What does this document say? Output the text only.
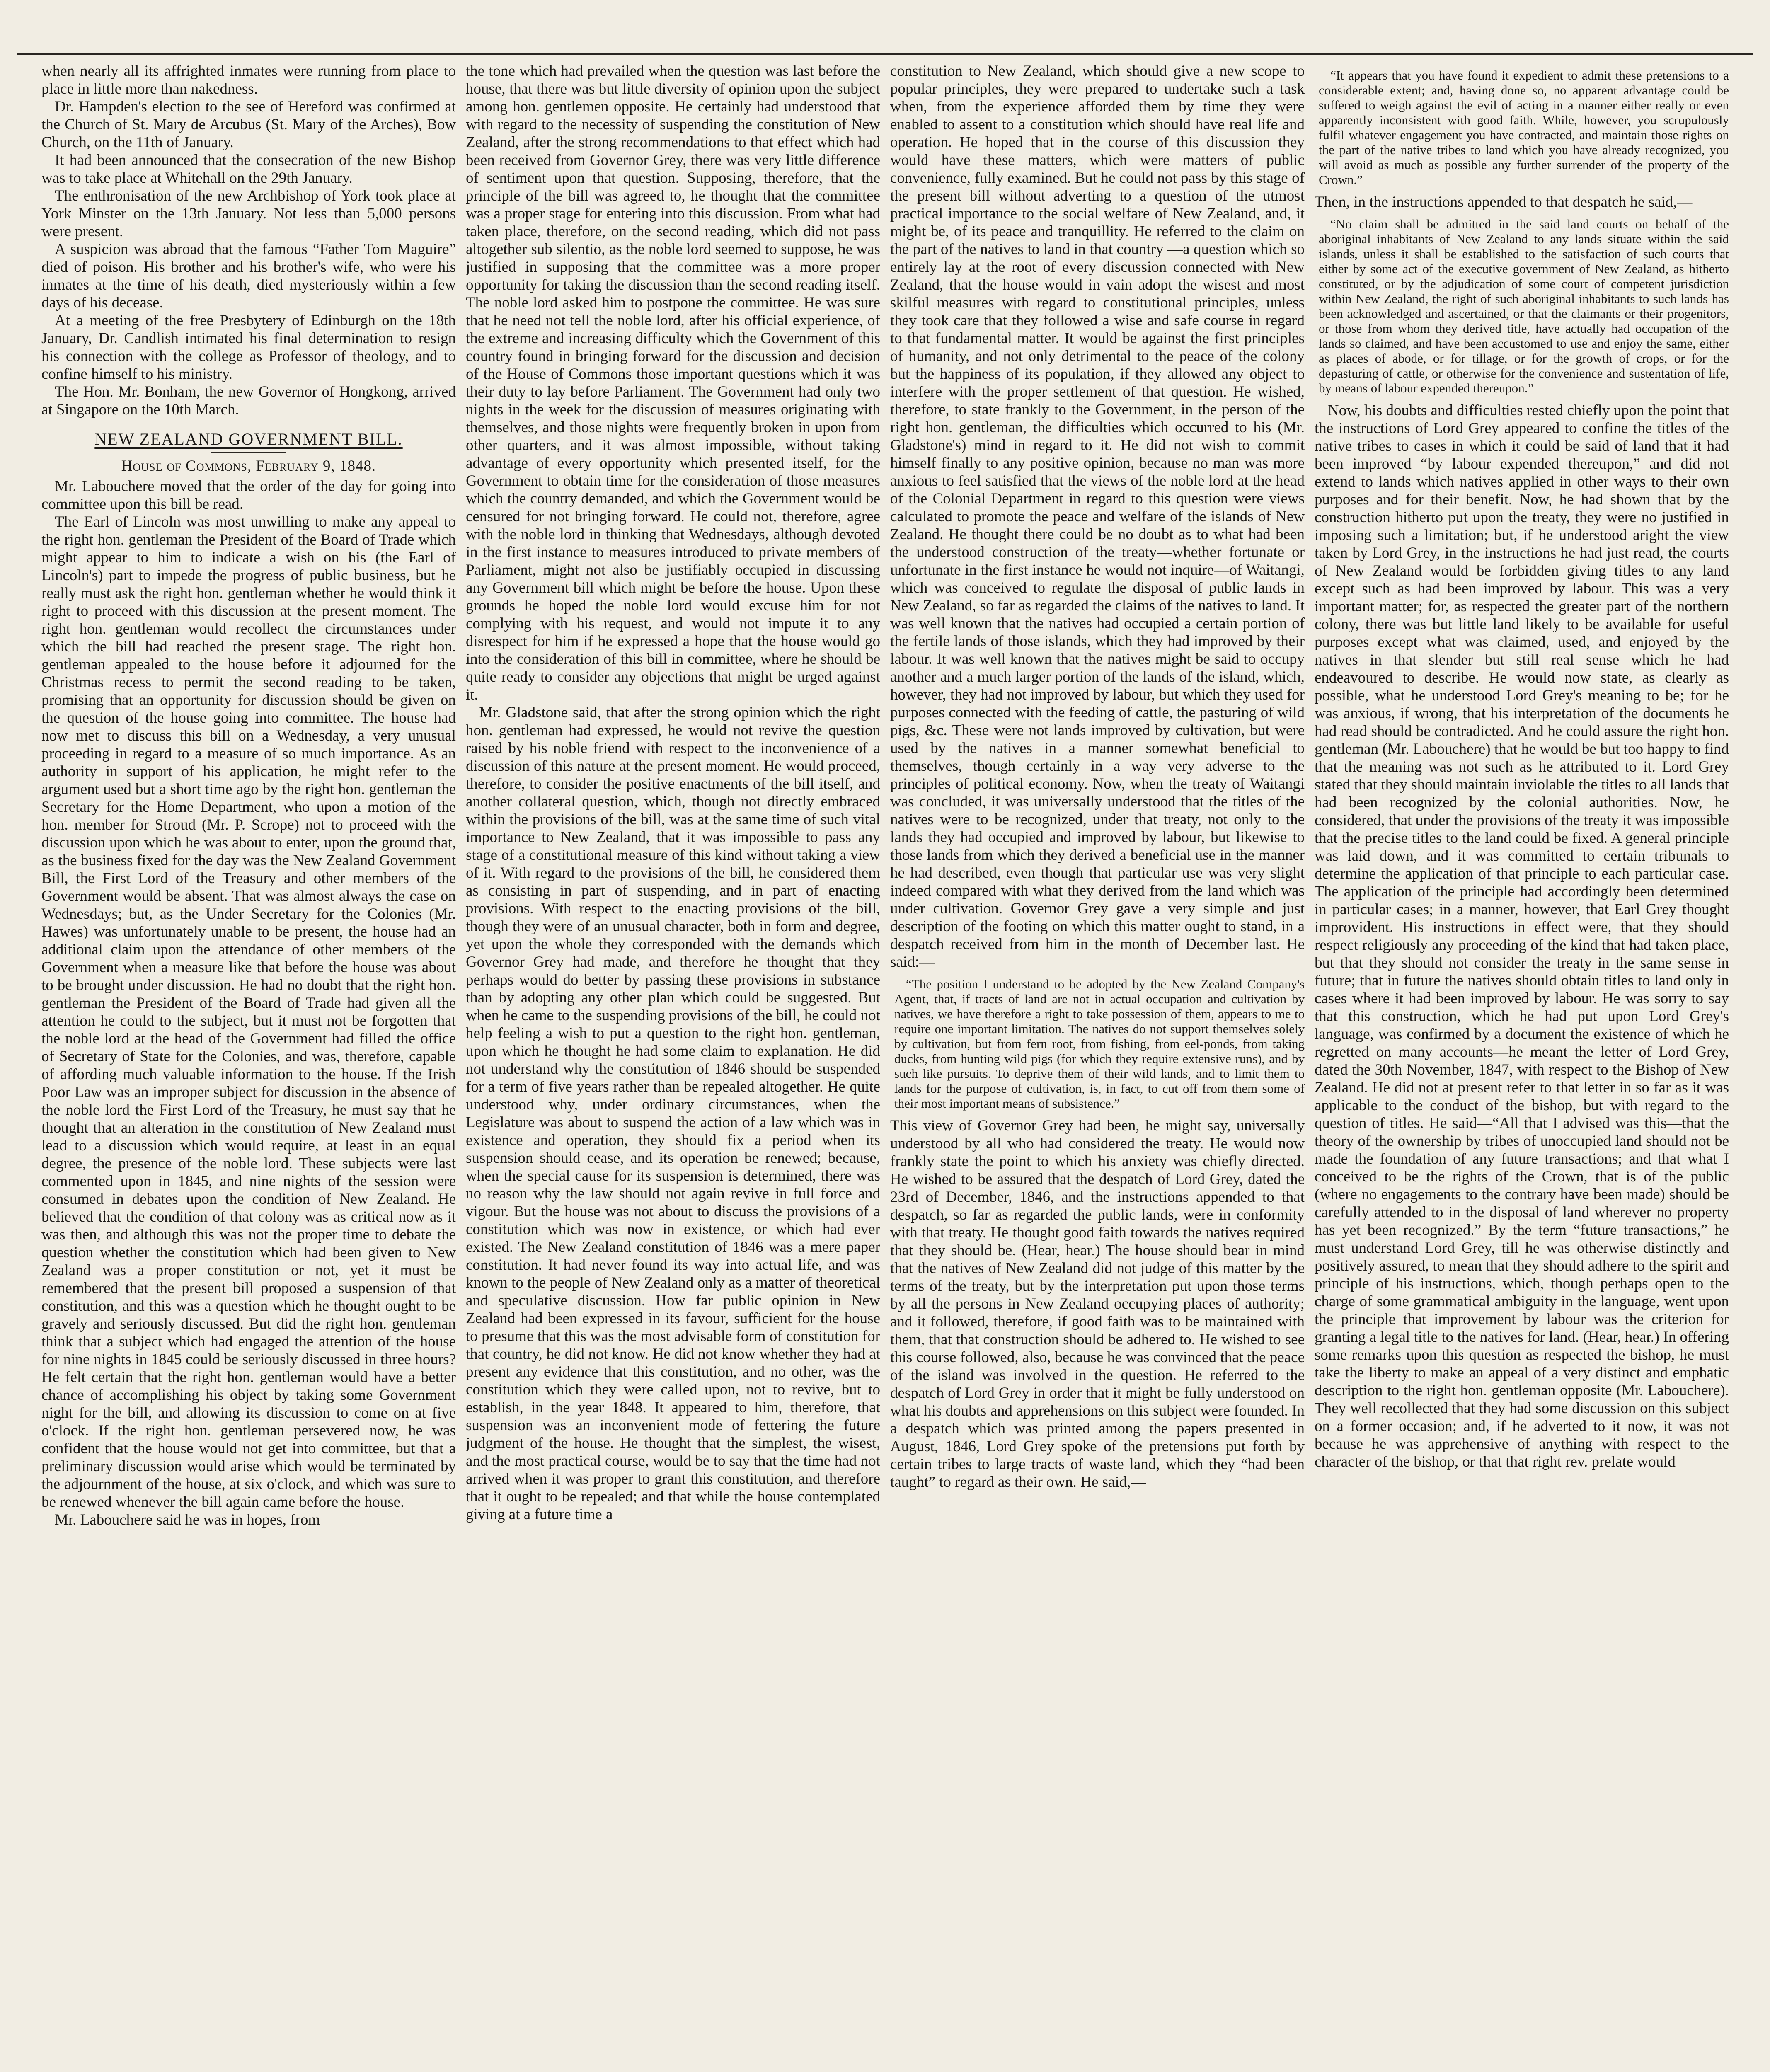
when nearly all its affrighted inmates were running from place to place in little more than nakedness.

Dr. Hampden's election to the see of Hereford was confirmed at the Church of St. Mary de Arcubus (St. Mary of the Arches), Bow Church, on the 11th of January.

It had been announced that the consecration of the new Bishop was to take place at Whitehall on the 29th January.

The enthronisation of the new Archbishop of York took place at York Minster on the 13th January. Not less than 5,000 persons were present.

A suspicion was abroad that the famous “Father Tom Maguire” died of poison. His brother and his brother's wife, who were his inmates at the time of his death, died mysteriously within a few days of his decease.

At a meeting of the free Presbytery of Edinburgh on the 18th January, Dr. Candlish intimated his final determination to resign his connection with the college as Professor of theology, and to confine himself to his ministry.

The Hon. Mr. Bonham, the new Governor of Hongkong, arrived at Singapore on the 10th March.

NEW ZEALAND GOVERNMENT BILL.
House of Commons, February 9, 1848.

Mr. Labouchere moved that the order of the day for going into committee upon this bill be read.

The Earl of Lincoln was most unwilling to make any appeal to the right hon. gentleman the President of the Board of Trade which might appear to him to indicate a wish on his (the Earl of Lincoln's) part to impede the progress of public business, but he really must ask the right hon. gentleman whether he would think it right to proceed with this discussion at the present moment. The right hon. gentleman would recollect the circumstances under which the bill had reached the present stage. The right hon. gentleman appealed to the house before it adjourned for the Christmas recess to permit the second reading to be taken, promising that an opportunity for discussion should be given on the question of the house going into committee. The house had now met to discuss this bill on a Wednesday, a very unusual proceeding in regard to a measure of so much importance. As an authority in support of his application, he might refer to the argument used but a short time ago by the right hon. gentleman the Secretary for the Home Department, who upon a motion of the hon. member for Stroud (Mr. P. Scrope) not to proceed with the discussion upon which he was about to enter, upon the ground that, as the business fixed for the day was the New Zealand Government Bill, the First Lord of the Treasury and other members of the Government would be absent. That was almost always the case on Wednesdays; but, as the Under Secretary for the Colonies (Mr. Hawes) was unfortunately unable to be present, the house had an additional claim upon the attendance of other members of the Government when a measure like that before the house was about to be brought under discussion. He had no doubt that the right hon. gentleman the President of the Board of Trade had given all the attention he could to the subject, but it must not be forgotten that the noble lord at the head of the Government had filled the office of Secretary of State for the Colonies, and was, therefore, capable of affording much valuable information to the house. If the Irish Poor Law was an improper subject for discussion in the absence of the noble lord the First Lord of the Treasury, he must say that he thought that an alteration in the constitution of New Zealand must lead to a discussion which would require, at least in an equal degree, the presence of the noble lord. These subjects were last commented upon in 1845, and nine nights of the session were consumed in debates upon the condition of New Zealand. He believed that the condition of that colony was as critical now as it was then, and although this was not the proper time to debate the question whether the constitution which had been given to New Zealand was a proper constitution or not, yet it must be remembered that the present bill proposed a suspension of that constitution, and this was a question which he thought ought to be gravely and seriously discussed. But did the right hon. gentleman think that a subject which had engaged the attention of the house for nine nights in 1845 could be seriously discussed in three hours? He felt certain that the right hon. gentleman would have a better chance of accomplishing his object by taking some Government night for the bill, and allowing its discussion to come on at five o'clock. If the right hon. gentleman persevered now, he was confident that the house would not get into committee, but that a preliminary discussion would arise which would be terminated by the adjournment of the house, at six o'clock, and which was sure to be renewed whenever the bill again came before the house.

Mr. Labouchere said he was in hopes, from

the tone which had prevailed when the question was last before the house, that there was but little diversity of opinion upon the subject among hon. gentlemen opposite. He certainly had understood that with regard to the necessity of suspending the constitution of New Zealand, after the strong recommendations to that effect which had been received from Governor Grey, there was very little difference of sentiment upon that question. Supposing, therefore, that the principle of the bill was agreed to, he thought that the committee was a proper stage for entering into this discussion. From what had taken place, therefore, on the second reading, which did not pass altogether sub silentio, as the noble lord seemed to suppose, he was justified in supposing that the committee was a more proper opportunity for taking the discussion than the second reading itself. The noble lord asked him to postpone the committee. He was sure that he need not tell the noble lord, after his official experience, of the extreme and increasing difficulty which the Government of this country found in bringing forward for the discussion and decision of the House of Commons those important questions which it was their duty to lay before Parliament. The Government had only two nights in the week for the discussion of measures originating with themselves, and those nights were frequently broken in upon from other quarters, and it was almost impossible, without taking advantage of every opportunity which presented itself, for the Government to obtain time for the consideration of those measures which the country demanded, and which the Government would be censured for not bringing forward. He could not, therefore, agree with the noble lord in thinking that Wednesdays, although devoted in the first instance to measures introduced to private members of Parliament, might not also be justifiably occupied in discussing any Government bill which might be before the house. Upon these grounds he hoped the noble lord would excuse him for not complying with his request, and would not impute it to any disrespect for him if he expressed a hope that the house would go into the consideration of this bill in committee, where he should be quite ready to consider any objections that might be urged against it.

Mr. Gladstone said, that after the strong opinion which the right hon. gentleman had expressed, he would not revive the question raised by his noble friend with respect to the inconvenience of a discussion of this nature at the present moment. He would proceed, therefore, to consider the positive enactments of the bill itself, and another collateral question, which, though not directly embraced within the provisions of the bill, was at the same time of such vital importance to New Zealand, that it was impossible to pass any stage of a constitutional measure of this kind without taking a view of it. With regard to the provisions of the bill, he considered them as consisting in part of suspending, and in part of enacting provisions. With respect to the enacting provisions of the bill, though they were of an unusual character, both in form and degree, yet upon the whole they corresponded with the demands which Governor Grey had made, and therefore he thought that they perhaps would do better by passing these provisions in substance than by adopting any other plan which could be suggested. But when he came to the suspending provisions of the bill, he could not help feeling a wish to put a question to the right hon. gentleman, upon which he thought he had some claim to explanation. He did not understand why the constitution of 1846 should be suspended for a term of five years rather than be repealed altogether. He quite understood why, under ordinary circumstances, when the Legislature was about to suspend the action of a law which was in existence and operation, they should fix a period when its suspension should cease, and its operation be renewed; because, when the special cause for its suspension is determined, there was no reason why the law should not again revive in full force and vigour. But the house was not about to discuss the provisions of a constitution which was now in existence, or which had ever existed. The New Zealand constitution of 1846 was a mere paper constitution. It had never found its way into actual life, and was known to the people of New Zealand only as a matter of theoretical and speculative discussion. How far public opinion in New Zealand had been expressed in its favour, sufficient for the house to presume that this was the most advisable form of constitution for that country, he did not know. He did not know whether they had at present any evidence that this constitution, and no other, was the constitution which they were called upon, not to revive, but to establish, in the year 1848. It appeared to him, therefore, that suspension was an inconvenient mode of fettering the future judgment of the house. He thought that the simplest, the wisest, and the most practical course, would be to say that the time had not arrived when it was proper to grant this constitution, and therefore that it ought to be repealed; and that while the house contemplated giving at a future time a

constitution to New Zealand, which should give a new scope to popular principles, they were prepared to undertake such a task when, from the experience afforded them by time they were enabled to assent to a constitution which should have real life and operation. He hoped that in the course of this discussion they would have these matters, which were matters of public convenience, fully examined. But he could not pass by this stage of the present bill without adverting to a question of the utmost practical importance to the social welfare of New Zealand, and, it might be, of its peace and tranquillity. He referred to the claim on the part of the natives to land in that country —a question which so entirely lay at the root of every discussion connected with New Zealand, that the house would in vain adopt the wisest and most skilful measures with regard to constitutional principles, unless they took care that they followed a wise and safe course in regard to that fundamental matter. It would be against the first principles of humanity, and not only detrimental to the peace of the colony but the happiness of its population, if they allowed any object to interfere with the proper settlement of that question. He wished, therefore, to state frankly to the Government, in the person of the right hon. gentleman, the difficulties which occurred to his (Mr. Gladstone's) mind in regard to it. He did not wish to commit himself finally to any positive opinion, because no man was more anxious to feel satisfied that the views of the noble lord at the head of the Colonial Department in regard to this question were views calculated to promote the peace and welfare of the islands of New Zealand. He thought there could be no doubt as to what had been the understood construction of the treaty—whether fortunate or unfortunate in the first instance he would not inquire—of Waitangi, which was conceived to regulate the disposal of public lands in New Zealand, so far as regarded the claims of the natives to land. It was well known that the natives had occupied a certain portion of the fertile lands of those islands, which they had improved by their labour. It was well known that the natives might be said to occupy another and a much larger portion of the lands of the island, which, however, they had not improved by labour, but which they used for purposes connected with the feeding of cattle, the pasturing of wild pigs, &c. These were not lands improved by cultivation, but were used by the natives in a manner somewhat beneficial to themselves, though certainly in a way very adverse to the principles of political economy. Now, when the treaty of Waitangi was concluded, it was universally understood that the titles of the natives were to be recognized, under that treaty, not only to the lands they had occupied and improved by labour, but likewise to those lands from which they derived a beneficial use in the manner he had described, even though that particular use was very slight indeed compared with what they derived from the land which was under cultivation. Governor Grey gave a very simple and just description of the footing on which this matter ought to stand, in a despatch received from him in the month of December last. He said:—

“The position I understand to be adopted by the New Zealand Company's Agent, that, if tracts of land are not in actual occupation and cultivation by natives, we have therefore a right to take possession of them, appears to me to require one important limitation. The natives do not support themselves solely by cultivation, but from fern root, from fishing, from eel-ponds, from taking ducks, from hunting wild pigs (for which they require extensive runs), and by such like pursuits. To deprive them of their wild lands, and to limit them to lands for the purpose of cultivation, is, in fact, to cut off from them some of their most important means of subsistence.”

This view of Governor Grey had been, he might say, universally understood by all who had considered the treaty. He would now frankly state the point to which his anxiety was chiefly directed. He wished to be assured that the despatch of Lord Grey, dated the 23rd of December, 1846, and the instructions appended to that despatch, so far as regarded the public lands, were in conformity with that treaty. He thought good faith towards the natives required that they should be. (Hear, hear.) The house should bear in mind that the natives of New Zealand did not judge of this matter by the terms of the treaty, but by the interpretation put upon those terms by all the persons in New Zealand occupying places of authority; and it followed, therefore, if good faith was to be maintained with them, that that construction should be adhered to. He wished to see this course followed, also, because he was convinced that the peace of the island was involved in the question. He referred to the despatch of Lord Grey in order that it might be fully understood on what his doubts and apprehensions on this subject were founded. In a despatch which was printed among the papers presented in August, 1846, Lord Grey spoke of the pretensions put forth by certain tribes to large tracts of waste land, which they “had been taught” to regard as their own. He said,—

“It appears that you have found it expedient to admit these pretensions to a considerable extent; and, having done so, no apparent advantage could be suffered to weigh against the evil of acting in a manner either really or even apparently inconsistent with good faith. While, however, you scrupulously fulfil whatever engagement you have contracted, and maintain those rights on the part of the native tribes to land which you have already recognized, you will avoid as much as possible any further surrender of the property of the Crown.”

Then, in the instructions appended to that despatch he said,—

“No claim shall be admitted in the said land courts on behalf of the aboriginal inhabitants of New Zealand to any lands situate within the said islands, unless it shall be established to the satisfaction of such courts that either by some act of the executive government of New Zealand, as hitherto constituted, or by the adjudication of some court of competent jurisdiction within New Zealand, the right of such aboriginal inhabitants to such lands has been acknowledged and ascertained, or that the claimants or their progenitors, or those from whom they derived title, have actually had occupation of the lands so claimed, and have been accustomed to use and enjoy the same, either as places of abode, or for tillage, or for the growth of crops, or for the depasturing of cattle, or otherwise for the convenience and sustentation of life, by means of labour expended thereupon.”

Now, his doubts and difficulties rested chiefly upon the point that the instructions of Lord Grey appeared to confine the titles of the native tribes to cases in which it could be said of land that it had been improved “by labour expended thereupon,” and did not extend to lands which natives applied in other ways to their own purposes and for their benefit. Now, he had shown that by the construction hitherto put upon the treaty, they were no justified in imposing such a limitation; but, if he understood aright the view taken by Lord Grey, in the instructions he had just read, the courts of New Zealand would be forbidden giving titles to any land except such as had been improved by labour. This was a very important matter; for, as respected the greater part of the northern colony, there was but little land likely to be available for useful purposes except what was claimed, used, and enjoyed by the natives in that slender but still real sense which he had endeavoured to describe. He would now state, as clearly as possible, what he understood Lord Grey's meaning to be; for he was anxious, if wrong, that his interpretation of the documents he had read should be contradicted. And he could assure the right hon. gentleman (Mr. Labouchere) that he would be but too happy to find that the meaning was not such as he attributed to it. Lord Grey stated that they should maintain inviolable the titles to all lands that had been recognized by the colonial authorities. Now, he considered, that under the provisions of the treaty it was impossible that the precise titles to the land could be fixed. A general principle was laid down, and it was committed to certain tribunals to determine the application of that principle to each particular case. The application of the principle had accordingly been determined in particular cases; in a manner, however, that Earl Grey thought improvident. His instructions in effect were, that they should respect religiously any proceeding of the kind that had taken place, but that they should not consider the treaty in the same sense in future; that in future the natives should obtain titles to land only in cases where it had been improved by labour. He was sorry to say that this construction, which he had put upon Lord Grey's language, was confirmed by a document the existence of which he regretted on many accounts—he meant the letter of Lord Grey, dated the 30th November, 1847, with respect to the Bishop of New Zealand. He did not at present refer to that letter in so far as it was applicable to the conduct of the bishop, but with regard to the question of titles. He said—“All that I advised was this—that the theory of the ownership by tribes of unoccupied land should not be made the foundation of any future transactions; and that what I conceived to be the rights of the Crown, that is of the public (where no engagements to the contrary have been made) should be carefully attended to in the disposal of land wherever no property has yet been recognized.” By the term “future transactions,” he must understand Lord Grey, till he was otherwise distinctly and positively assured, to mean that they should adhere to the spirit and principle of his instructions, which, though perhaps open to the charge of some grammatical ambiguity in the language, went upon the principle that improvement by labour was the criterion for granting a legal title to the natives for land. (Hear, hear.) In offering some remarks upon this question as respected the bishop, he must take the liberty to make an appeal of a very distinct and emphatic description to the right hon. gentleman opposite (Mr. Labouchere). They well recollected that they had some discussion on this subject on a former occasion; and, if he adverted to it now, it was not because he was apprehensive of anything with respect to the character of the bishop, or that that right rev. prelate would
